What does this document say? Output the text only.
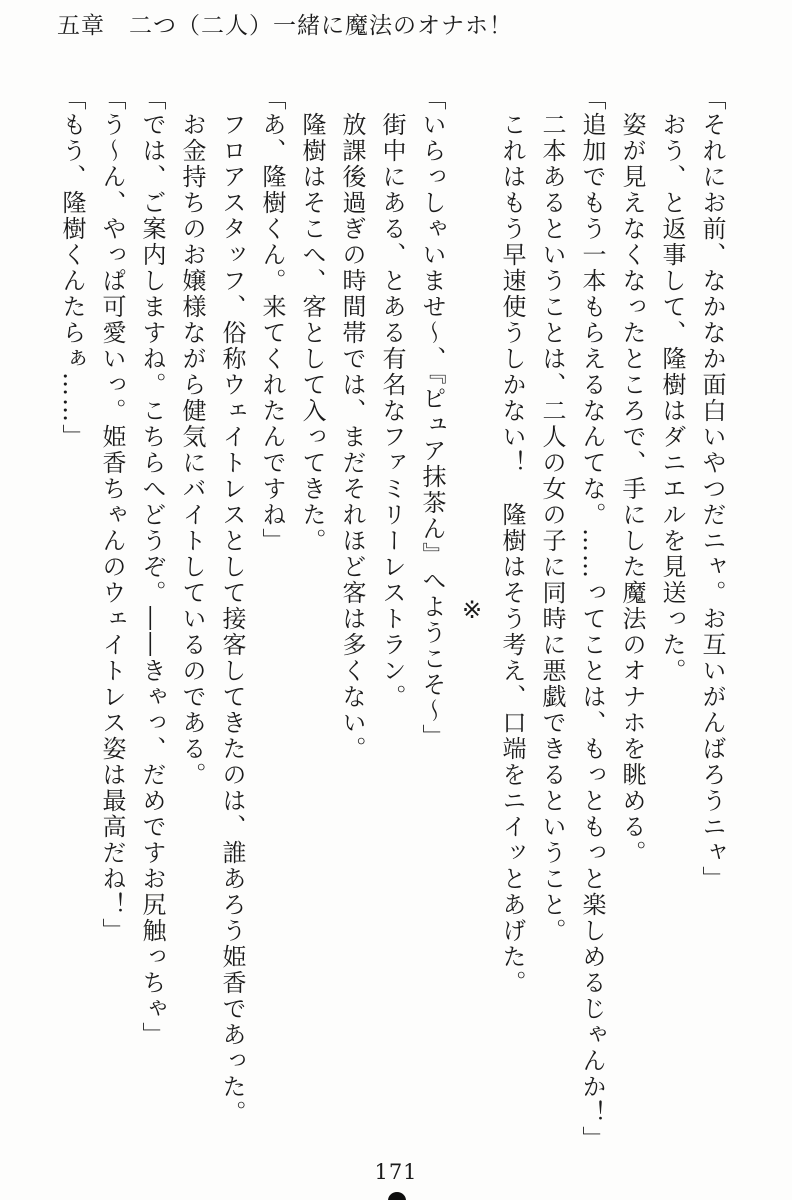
五章　二つ（二人）一緒に魔法のオナホ！

「それにお前、なかなか面白いやつだニャ。お互いがんばろうニャ」

おう、と返事して、隆樹はダニエルを見送った。

姿が見えなくなったところで、手にした魔法のオナホを眺める。

「追加でもう一本もらえるなんてな。……ってことは、もっともっと楽しめるじゃんか！」

二本あるということは、二人の女の子に同時に悪戯できるということ。

これはもう早速使うしかない！　隆樹はそう考え、口端をニイッとあげた。

※

「いらっしゃいませ〜、『ピュア抹茶ん』へようこそ〜」

街中にある、とある有名なファミリーレストラン。

放課後過ぎの時間帯では、まだそれほど客は多くない。

隆樹はそこへ、客として入ってきた。

「あ、隆樹くん。来てくれたんですね」

フロアスタッフ、俗称ウェイトレスとして接客してきたのは、誰あろう姫香であった。

お金持ちのお嬢様ながら健気にバイトしているのである。

「では、ご案内しますね。こちらへどうぞ。――きゃっ、だめですお尻触っちゃ」

「う〜ん、やっぱ可愛いっ。姫香ちゃんのウェイトレス姿は最高だね！」

「もう、隆樹くんたらぁ……」

171
